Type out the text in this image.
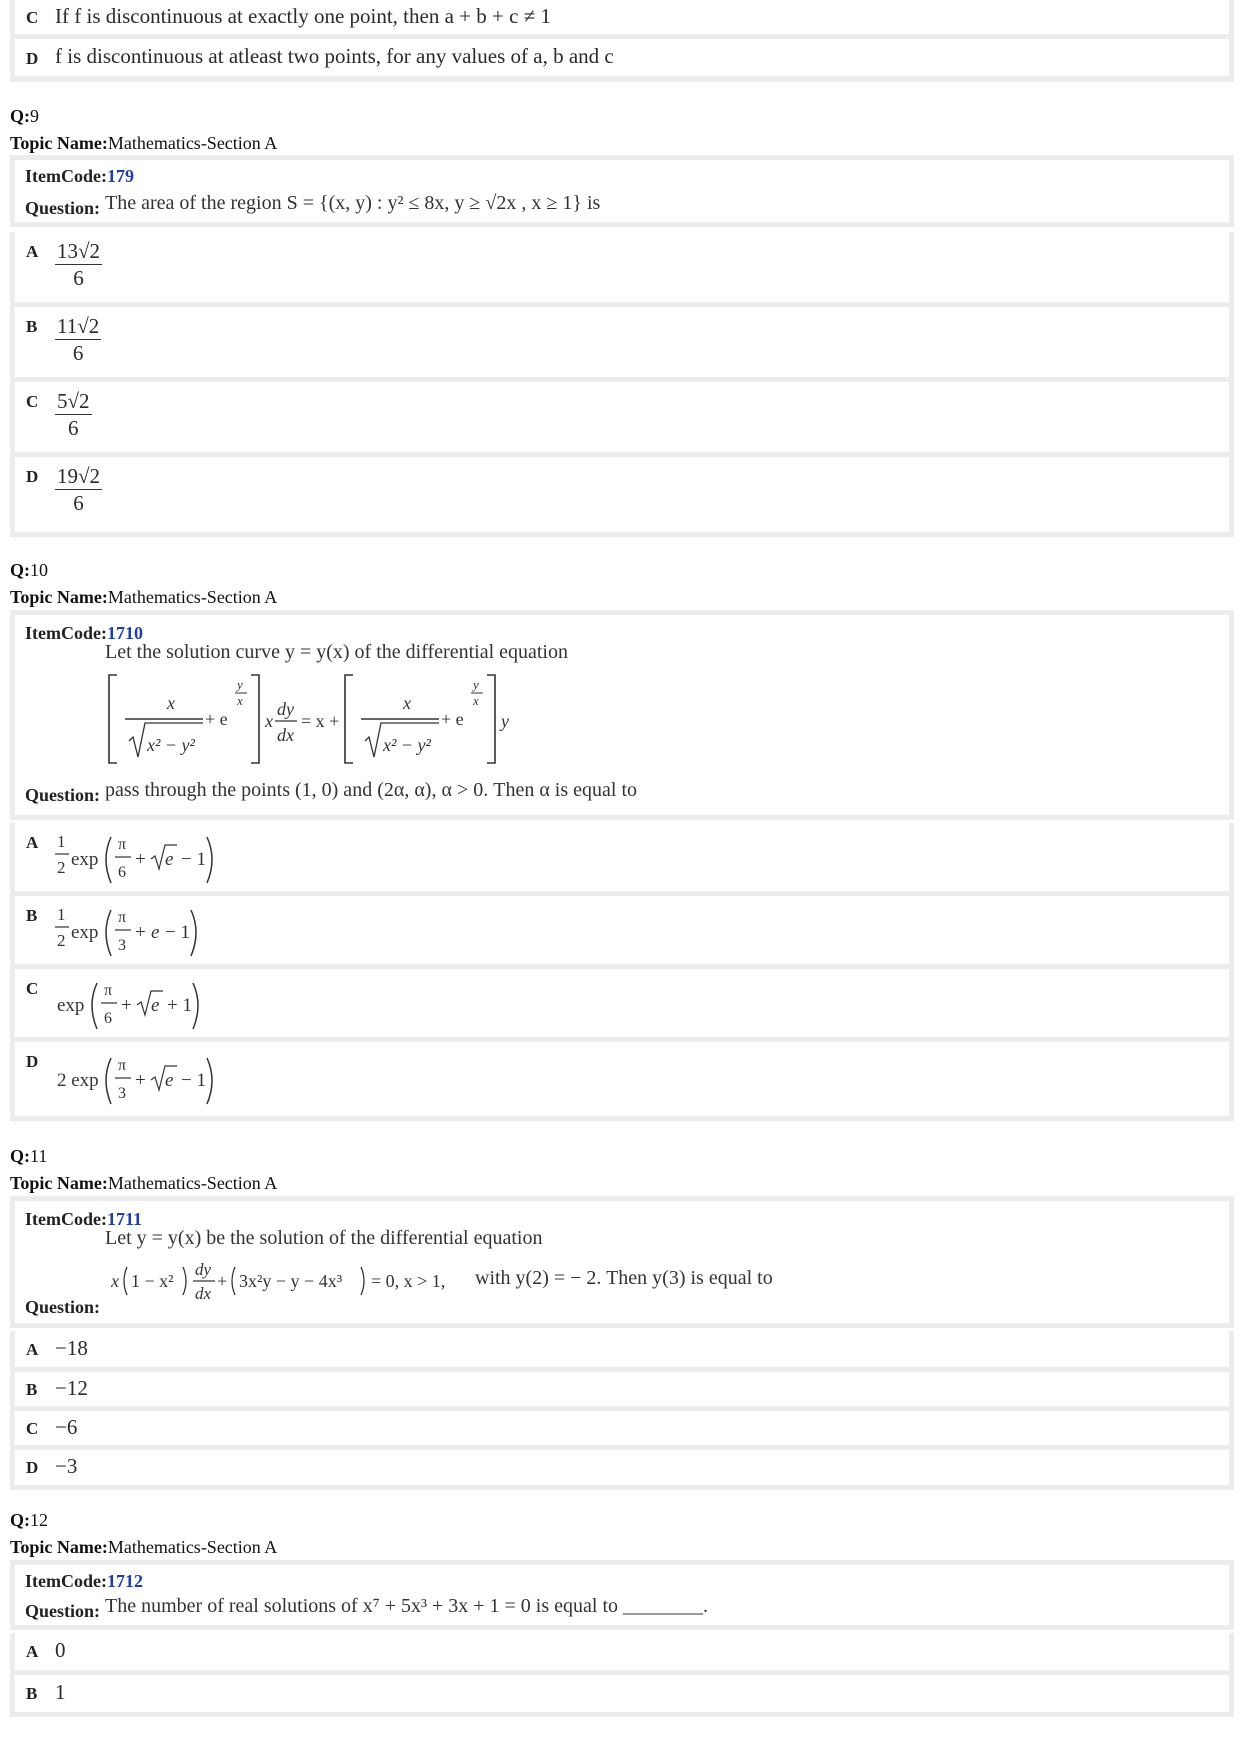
C If f is discontinuous at exactly one point, then a + b + c ≠ 1
D f is discontinuous at atleast two points, for any values of a, b and c
Q:9
Topic Name:Mathematics-Section A
ItemCode:179
Question: The area of the region S = {(x, y) : y² ≤ 8x, y ≥ √2x , x ≥ 1} is
A $\frac{13√2}{6}$
B $\frac{11√2}{6}$
C $\frac{5√2}{6}$
D $\frac{19√2}{6}$
Q:10
Topic Name:Mathematics-Section A
ItemCode:1710
Let the solution curve y = y(x) of the differential equation
x
x² − y²
+ e
y
x
x
dy
dx
= x +
x
x² − y²
+ e
y
x
y
Question: pass through the points (1, 0) and (2α, α), α > 0. Then α is equal to
A 1
2 exp
π
6
+ e − 1
B 1
2 exp
π
3
+ e − 1
C
exp
π
6
+ e + 1
D
2 exp
π
3
+ e − 1
Q:11
Topic Name:Mathematics-Section A
ItemCode:1711
Let y = y(x) be the solution of the differential equation
x 1 − x²
dy
dx
+ 3x²y − y − 4x³ = 0, x > 1, with y(2) = − 2. Then y(3) is equal to
Question:
A −18
B −12
C −6
D −3
Q:12
Topic Name:Mathematics-Section A
ItemCode:1712
Question: The number of real solutions of x⁷ + 5x³ + 3x + 1 = 0 is equal to ________.
A 0
B 1
